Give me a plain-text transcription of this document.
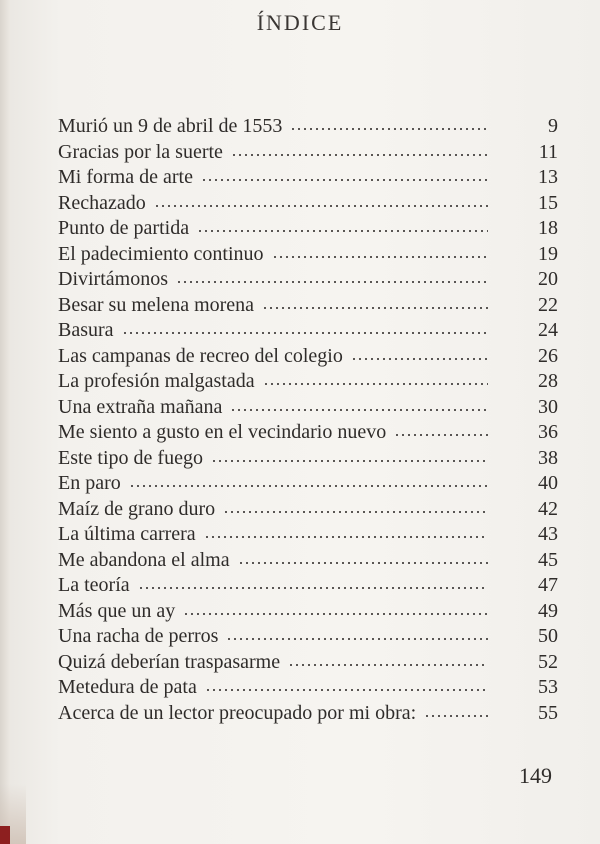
ÍNDICE
Murió un 9 de abril de 1553	9
Gracias por la suerte	11
Mi forma de arte	13
Rechazado	15
Punto de partida	18
El padecimiento continuo	19
Divirtámonos	20
Besar su melena morena	22
Basura	24
Las campanas de recreo del colegio	26
La profesión malgastada	28
Una extraña mañana	30
Me siento a gusto en el vecindario nuevo	36
Este tipo de fuego	38
En paro	40
Maíz de grano duro	42
La última carrera	43
Me abandona el alma	45
La teoría	47
Más que un ay	49
Una racha de perros	50
Quizá deberían traspasarme	52
Metedura de pata	53
Acerca de un lector preocupado por mi obra:	55
149
